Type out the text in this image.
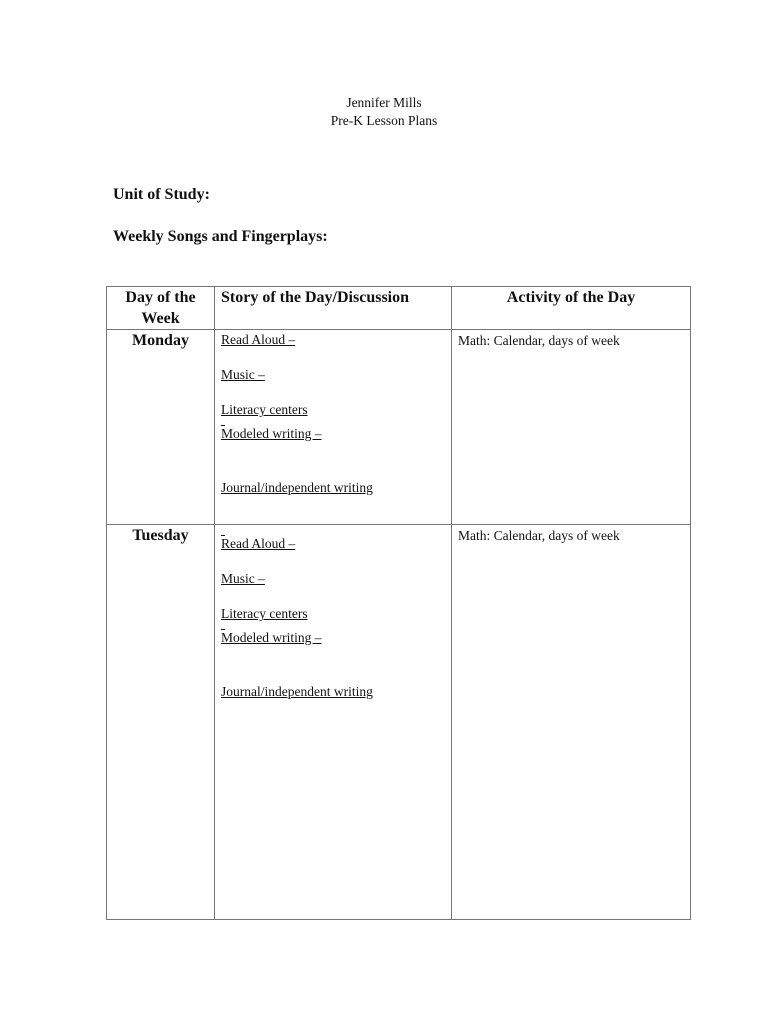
Jennifer Mills
Pre-K Lesson Plans
Unit of Study:
Weekly Songs and Fingerplays:
Day of the Week	Story of the Day/Discussion	Activity of the Day
Monday	Read Aloud –
Music –
Literacy centers

Modeled writing –
Journal/independent writing	Math: Calendar, days of week
Tuesday	Read Aloud –
Music –
Literacy centers

Modeled writing –
Journal/independent writing	Math: Calendar, days of week
